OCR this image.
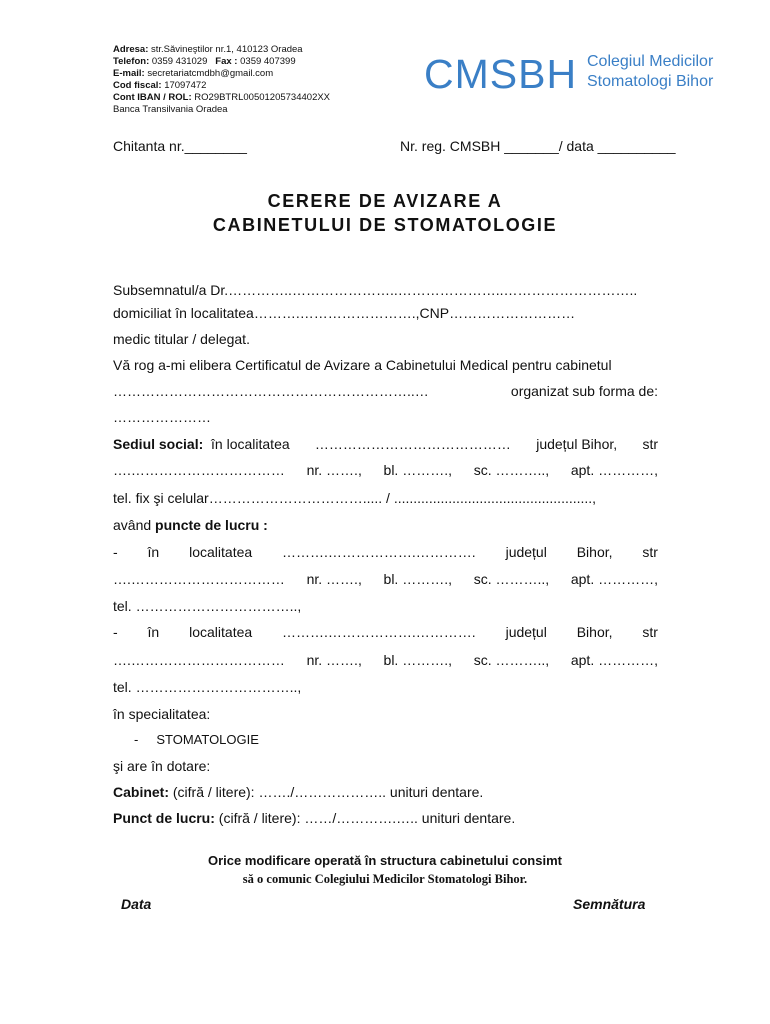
Adresa: str.Săvineştilor nr.1, 410123 Oradea
Telefon: 0359 431029 Fax : 0359 407399
E-mail: secretariatcmdbh@gmail.com
Cod fiscal: 17097472
Cont IBAN / ROL: RO29BTRL00501205734402XX
Banca Transilvania Oradea
CMSBH Colegiul Medicilor
Stomatologi Bihor
Chitanta nr.________	Nr. reg. CMSBH _______/ data __________
CERERE DE AVIZARE A
CABINETULUI DE STOMATOLOGIE
Subsemnatul/a Dr.…………..…………………..…………………..………………………..
domiciliat în localitatea……….…………………….,CNP………………………
medic titular / delegat.
Vă rog a-mi elibera Certificatul de Avizare a Cabinetului Medical pentru cabinetul
………………………………………………………..…	organizat sub forma de:
…………………
Sediul social: în localitatea …………………………………… județul Bihor, str
….…………………………… nr. ……., bl. ………., sc. ……….., apt. …………,
tel. fix şi celular……………………………..... / ...................................................,
având puncte de lucru :
- în localitatea ……….……………….…………. județul Bihor, str
….…………………………… nr. ……., bl. ………., sc. ……….., apt. …………,
tel. ……………………………..,
- în localitatea ……….……………….…………. județul Bihor, str
….…………………………… nr. ……., bl. ………., sc. ……….., apt. …………,
tel. ……………………………..,
în specialitatea:
- STOMATOLOGIE
şi are în dotare:
Cabinet: (cifră / litere): ……./……………….. unituri dentare.
Punct de lucru: (cifră / litere): ……/………….….. unituri dentare.
Orice modificare operată în structura cabinetului consimt
să o comunic Colegiului Medicilor Stomatologi Bihor.
Data	Semnătura
